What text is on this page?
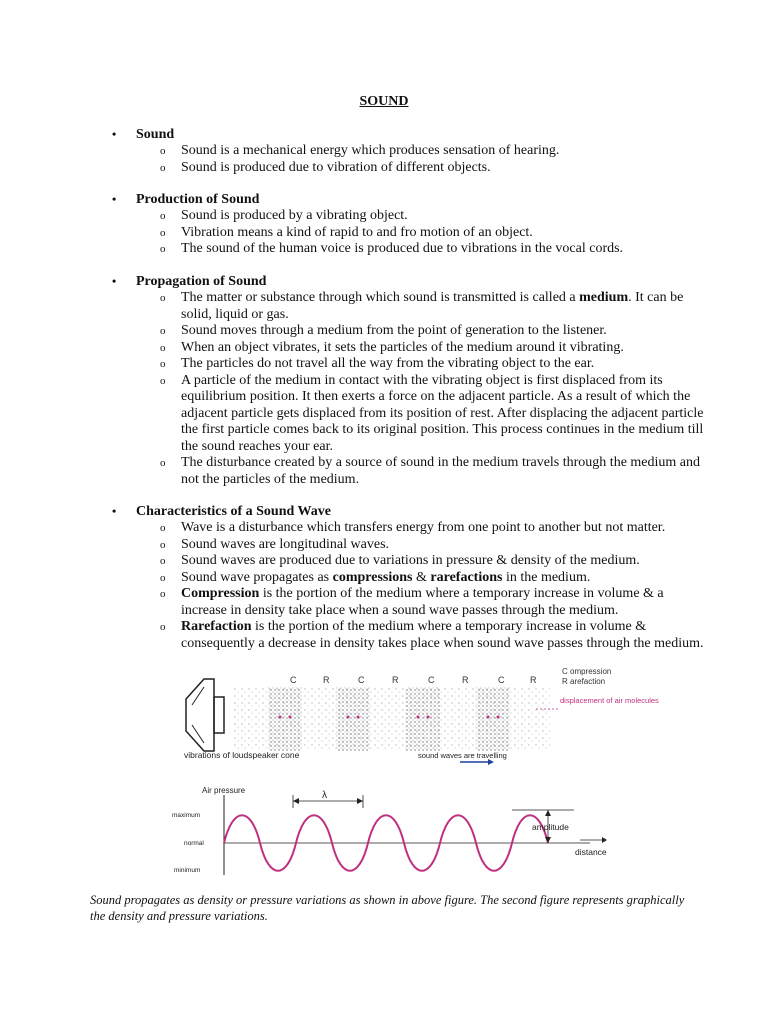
SOUND
• Sound
o Sound is a mechanical energy which produces sensation of hearing.
o Sound is produced due to vibration of different objects.
• Production of Sound
o Sound is produced by a vibrating object.
o Vibration means a kind of rapid to and fro motion of an object.
o The sound of the human voice is produced due to vibrations in the vocal cords.
• Propagation of Sound
o The matter or substance through which sound is transmitted is called a medium. It can be solid, liquid or gas.
o Sound moves through a medium from the point of generation to the listener.
o When an object vibrates, it sets the particles of the medium around it vibrating.
o The particles do not travel all the way from the vibrating object to the ear.
o A particle of the medium in contact with the vibrating object is first displaced from its equilibrium position. It then exerts a force on the adjacent particle. As a result of which the adjacent particle gets displaced from its position of rest. After displacing the adjacent particle the first particle comes back to its original position. This process continues in the medium till the sound reaches your ear.
o The disturbance created by a source of sound in the medium travels through the medium and not the particles of the medium.
• Characteristics of a Sound Wave
o Wave is a disturbance which transfers energy from one point to another but not matter.
o Sound waves are longitudinal waves.
o Sound waves are produced due to variations in pressure & density of the medium.
o Sound wave propagates as compressions & rarefactions in the medium.
o Compression is the portion of the medium where a temporary increase in volume & a increase in density take place when a sound wave passes through the medium.
o Rarefaction is the portion of the medium where a temporary increase in volume & consequently a decrease in density takes place when sound wave passes through the medium.
C	R	C	R	C	R	C	R
C ompression
R arefaction
displacement of air molecules
vibrations of loudspeaker cone	sound waves are travelling
Air pressure
maximum
normal
minimum
λ
amplitude
distance
Sound propagates as density or pressure variations as shown in above figure. The second figure represents graphically the density and pressure variations.
